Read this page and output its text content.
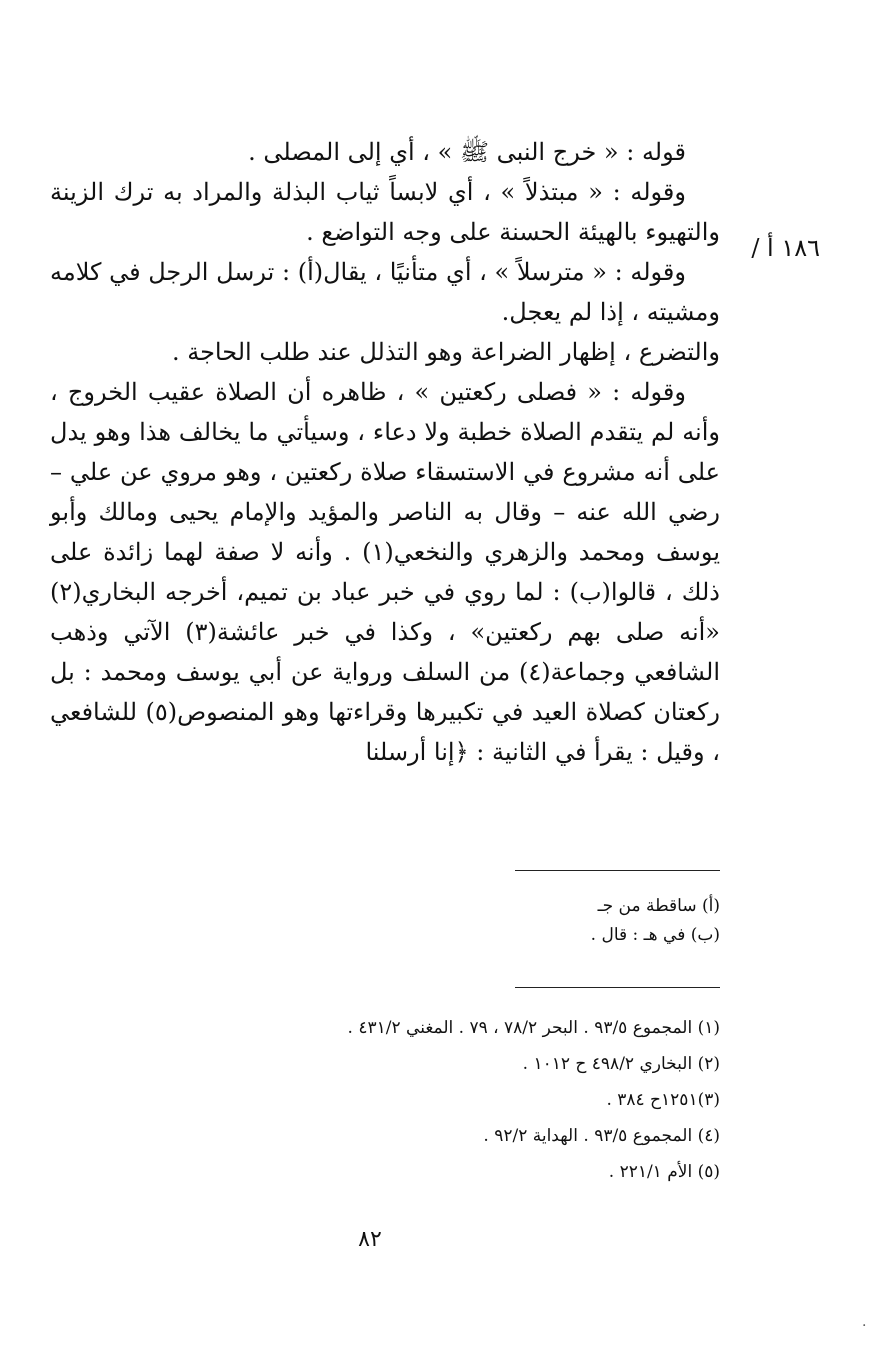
١٨٦ أ /

قوله : « خرج النبى ﷺ » ، أي إلى المصلى .

وقوله : « مبتذلاً » ، أي لابساً ثياب البذلة والمراد به ترك الزينة والتهيوء بالهيئة الحسنة على وجه التواضع .

وقوله : « مترسلاً » ، أي متأنيًا ، يقال(أ) : ترسل الرجل في كلامه ومشيته ، إذا لم يعجل.

والتضرع ، إظهار الضراعة وهو التذلل عند طلب الحاجة .

وقوله : « فصلى ركعتين » ، ظاهره أن الصلاة عقيب الخروج ، وأنه لم يتقدم الصلاة خطبة ولا دعاء ، وسيأتي ما يخالف هذا وهو يدل على أنه مشروع في الاستسقاء صلاة ركعتين ، وهو مروي عن علي – رضي الله عنه – وقال به الناصر والمؤيد والإمام يحيى ومالك وأبو يوسف ومحمد والزهري والنخعي(١) . وأنه لا صفة لهما زائدة على ذلك ، قالوا(ب) : لما روي في خبر عباد بن تميم، أخرجه البخاري(٢) «أنه صلى بهم ركعتين» ، وكذا في خبر عائشة(٣) الآتي وذهب الشافعي وجماعة(٤) من السلف ورواية عن أبي يوسف ومحمد : بل ركعتان كصلاة العيد في تكبيرها وقراءتها وهو المنصوص(٥) للشافعي ، وقيل : يقرأ في الثانية : ﴿إنا أرسلنا

(أ) ساقطة من جـ

(ب) في هـ : قال .

(١) المجموع ٩٣/٥ . البحر ٧٨/٢ ، ٧٩ . المغني ٤٣١/٢ .

(٢) البخاري ٤٩٨/٢ ح ١٠١٢ .

(٣)١٢٥١ح ٣٨٤ .

(٤) المجموع ٩٣/٥ . الهداية ٩٢/٢ .

(٥) الأم ٢٢١/١ .

٨٢
·
